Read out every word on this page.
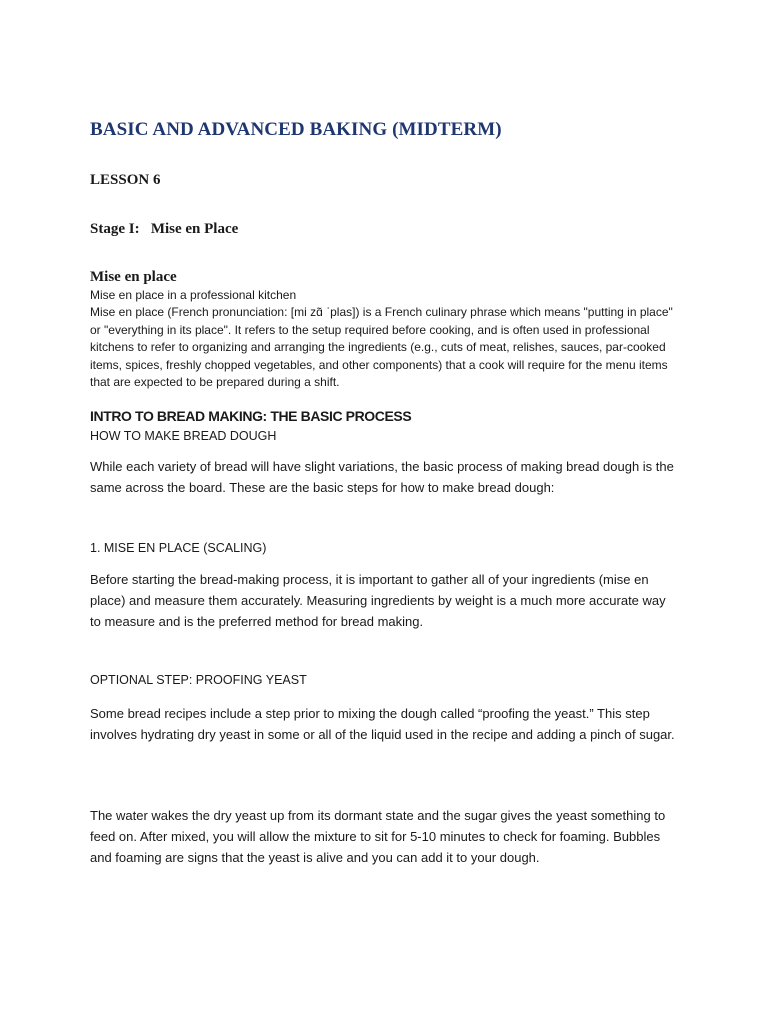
BASIC AND ADVANCED BAKING (MIDTERM)
LESSON 6
Stage I:   Mise en Place
Mise en place
Mise en place in a professional kitchen
Mise en place (French pronunciation: [mi zɑ̃ ˈplas]) is a French culinary phrase which means "putting in place" or "everything in its place". It refers to the setup required before cooking, and is often used in professional kitchens to refer to organizing and arranging the ingredients (e.g., cuts of meat, relishes, sauces, par-cooked items, spices, freshly chopped vegetables, and other components) that a cook will require for the menu items that are expected to be prepared during a shift.
INTRO TO BREAD MAKING: THE BASIC PROCESS
HOW TO MAKE BREAD DOUGH
While each variety of bread will have slight variations, the basic process of making bread dough is the same across the board. These are the basic steps for how to make bread dough:
1. MISE EN PLACE (SCALING)
Before starting the bread-making process, it is important to gather all of your ingredients (mise en place) and measure them accurately. Measuring ingredients by weight is a much more accurate way to measure and is the preferred method for bread making.
OPTIONAL STEP: PROOFING YEAST
Some bread recipes include a step prior to mixing the dough called “proofing the yeast.” This step involves hydrating dry yeast in some or all of the liquid used in the recipe and adding a pinch of sugar.
The water wakes the dry yeast up from its dormant state and the sugar gives the yeast something to feed on. After mixed, you will allow the mixture to sit for 5-10 minutes to check for foaming. Bubbles and foaming are signs that the yeast is alive and you can add it to your dough.
